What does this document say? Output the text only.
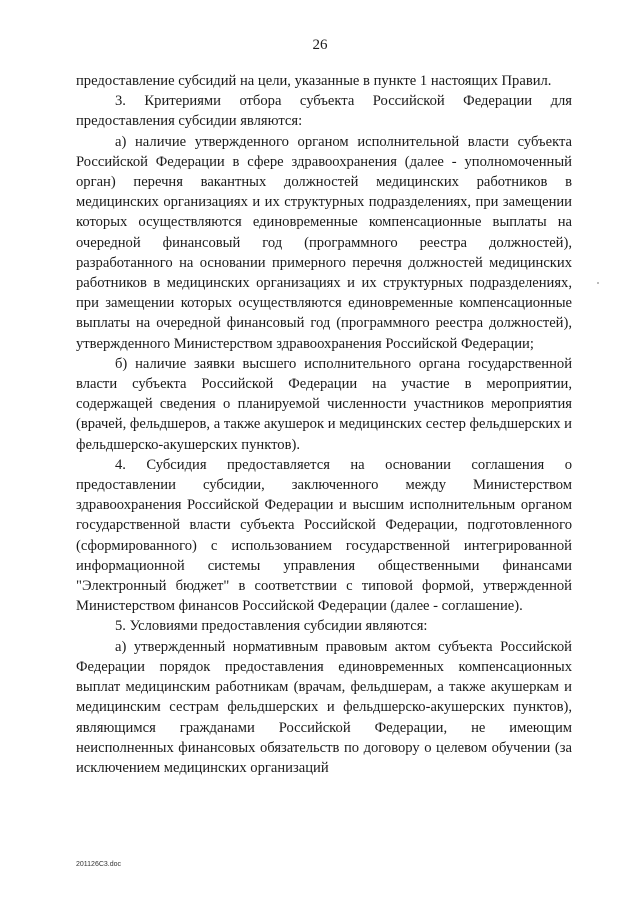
26

предоставление субсидий на цели, указанные в пункте 1 настоящих Правил.

3. Критериями отбора субъекта Российской Федерации для предоставления субсидии являются:

а) наличие утвержденного органом исполнительной власти субъекта Российской Федерации в сфере здравоохранения (далее - уполномоченный орган) перечня вакантных должностей медицинских работников в медицинских организациях и их структурных подразделениях, при замещении которых осуществляются единовременные компенсационные выплаты на очередной финансовый год (программного реестра должностей), разработанного на основании примерного перечня должностей медицинских работников в медицинских организациях и их структурных подразделениях, при замещении которых осуществляются единовременные компенсационные выплаты на очередной финансовый год (программного реестра должностей), утвержденного Министерством здравоохранения Российской Федерации;

б) наличие заявки высшего исполнительного органа государственной власти субъекта Российской Федерации на участие в мероприятии, содержащей сведения о планируемой численности участников мероприятия (врачей, фельдшеров, а также акушерок и медицинских сестер фельдшерских и фельдшерско-акушерских пунктов).

4. Субсидия предоставляется на основании соглашения о предоставлении субсидии, заключенного между Министерством здравоохранения Российской Федерации и высшим исполнительным органом государственной власти субъекта Российской Федерации, подготовленного (сформированного) с использованием государственной интегрированной информационной системы управления общественными финансами "Электронный бюджет" в соответствии с типовой формой, утвержденной Министерством финансов Российской Федерации (далее - соглашение).

5. Условиями предоставления субсидии являются:

а) утвержденный нормативным правовым актом субъекта Российской Федерации порядок предоставления единовременных компенсационных выплат медицинским работникам (врачам, фельдшерам, а также акушеркам и медицинским сестрам фельдшерских и фельдшерско-акушерских пунктов), являющимся гражданами Российской Федерации, не имеющим неисполненных финансовых обязательств по договору о целевом обучении (за исключением медицинских организаций

201126C3.doc
